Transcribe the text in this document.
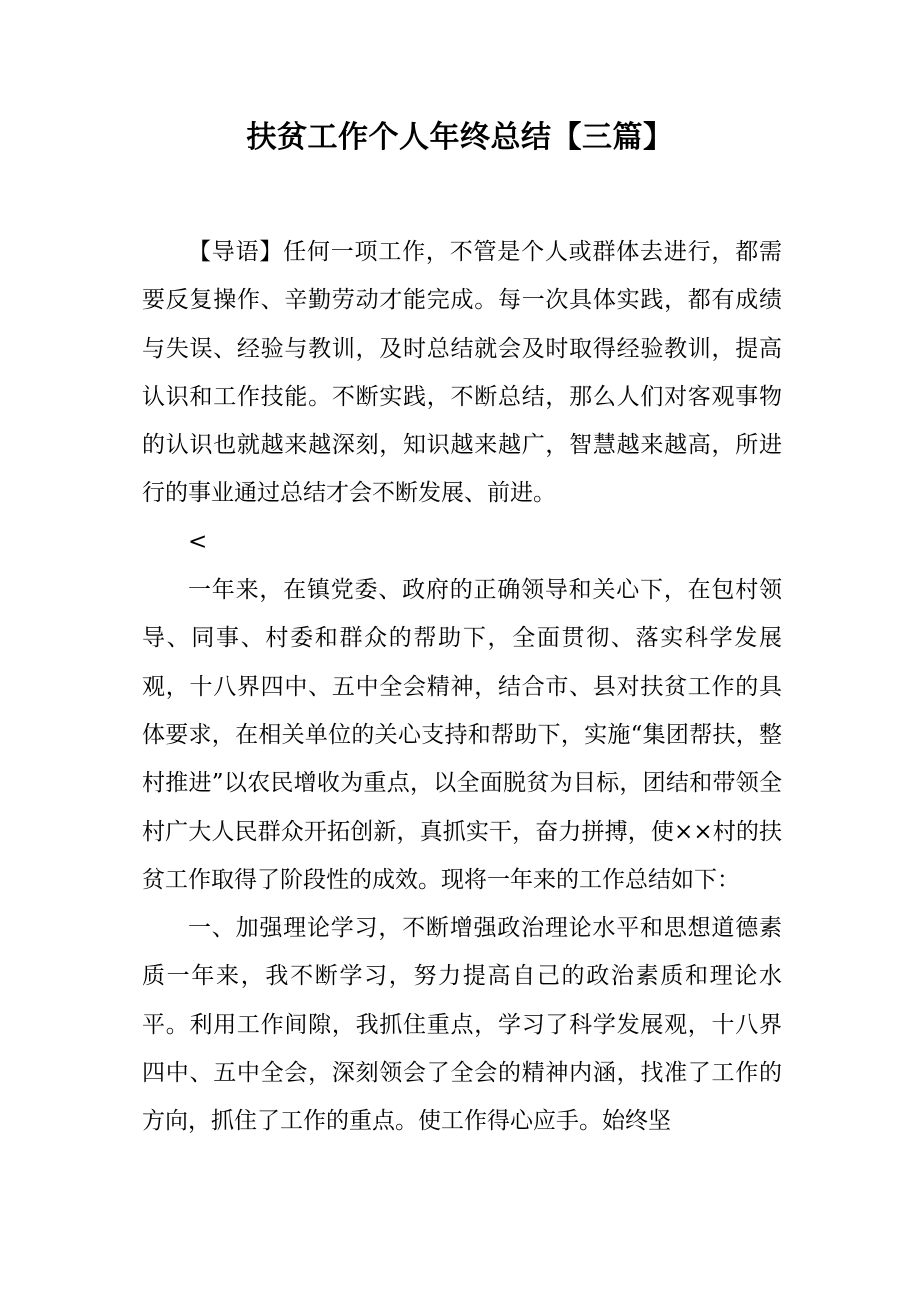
扶贫工作个人年终总结【三篇】

【导语】任何一项工作，不管是个人或群体去进行，都需要反复操作、辛勤劳动才能完成。每一次具体实践，都有成绩与失误、经验与教训，及时总结就会及时取得经验教训，提高认识和工作技能。不断实践，不断总结，那么人们对客观事物的认识也就越来越深刻，知识越来越广，智慧越来越高，所进行的事业通过总结才会不断发展、前进。

<

一年来，在镇党委、政府的正确领导和关心下，在包村领导、同事、村委和群众的帮助下，全面贯彻、落实科学发展观，十八界四中、五中全会精神，结合市、县对扶贫工作的具体要求，在相关单位的关心支持和帮助下，实施“集团帮扶，整村推进”以农民增收为重点，以全面脱贫为目标，团结和带领全村广大人民群众开拓创新，真抓实干，奋力拼搏，使××村的扶贫工作取得了阶段性的成效。现将一年来的工作总结如下：

一、加强理论学习，不断增强政治理论水平和思想道德素质一年来，我不断学习，努力提高自己的政治素质和理论水平。利用工作间隙，我抓住重点，学习了科学发展观，十八界四中、五中全会，深刻领会了全会的精神内涵，找准了工作的方向，抓住了工作的重点。使工作得心应手。始终坚
